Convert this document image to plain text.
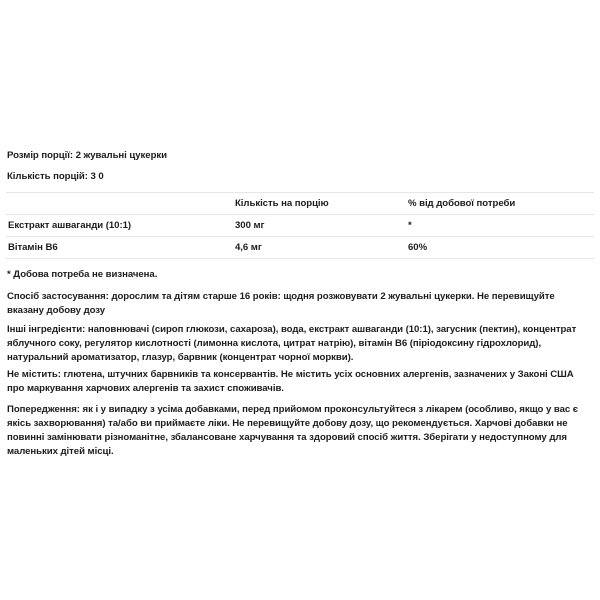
Розмір порції: 2 жувальні цукерки

Кількість порцій: 3 0

	Кількість на порцію	% від добової потреби
Екстракт ашваганди (10:1)	300 мг	*
Вітамін B6	4,6 мг	60%

* Добова потреба не визначена.

Спосіб застосування: дорослим та дітям старше 16 років: щодня розжовувати 2 жувальні цукерки. Не перевищуйте вказану добову дозу

Інші інгредієнти: наповнювачі (сироп глюкози, сахароза), вода, екстракт ашваганди (10:1), загусник (пектин), концентрат яблучного соку, регулятор кислотності (лимонна кислота, цитрат натрію), вітамін B6 (піріодоксину гідрохлорид), натуральний ароматизатор, глазур, барвник (концентрат чорної моркви).

Не містить: глютена, штучних барвників та консервантів. Не містить усіх основних алергенів, зазначених у Законі США про маркування харчових алергенів та захист споживачів.

Попередження: як і у випадку з усіма добавками, перед прийомом проконсультуйтеся з лікарем (особливо, якщо у вас є якісь захворювання) та/або ви приймаєте ліки. Не перевищуйте добову дозу, що рекомендується. Харчові добавки не повинні замінювати різноманітне, збалансоване харчування та здоровий спосіб життя. Зберігати у недоступному для маленьких дітей місці.
